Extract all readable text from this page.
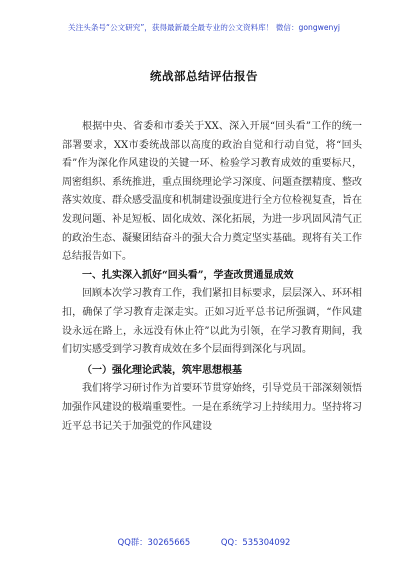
关注头条号“公文研究”，获得最新最全最专业的公文资料库！ 微信：gongwenyj
统战部总结评估报告

根据中央、省委和市委关于XX、深入开展“回头看”工作的统一部署要求，XX市委统战部以高度的政治自觉和行动自觉，将“回头看”作为深化作风建设的关键一环、检验学习教育成效的重要标尺，周密组织、系统推进，重点围绕理论学习深度、问题查摆精度、整改落实效度、群众感受温度和机制建设强度进行全方位检视复查，旨在发现问题、补足短板、固化成效、深化拓展，为进一步巩固风清气正的政治生态、凝聚团结奋斗的强大合力奠定坚实基础。现将有关工作总结报告如下。

一、扎实深入抓好“回头看”，学查改贯通显成效

回顾本次学习教育工作，我们紧扣目标要求，层层深入、环环相扣，确保了学习教育走深走实。正如习近平总书记所强调，“作风建设永远在路上，永远没有休止符”以此为引领，在学习教育期间，我们切实感受到学习教育成效在多个层面得到深化与巩固。

（一）强化理论武装，筑牢思想根基

我们将学习研讨作为首要环节贯穿始终，引导党员干部深刻领悟加强作风建设的极端重要性。一是在系统学习上持续用力。坚持将习近平总书记关于加强党的作风建设

QQ群：30265665	QQ：535304092
